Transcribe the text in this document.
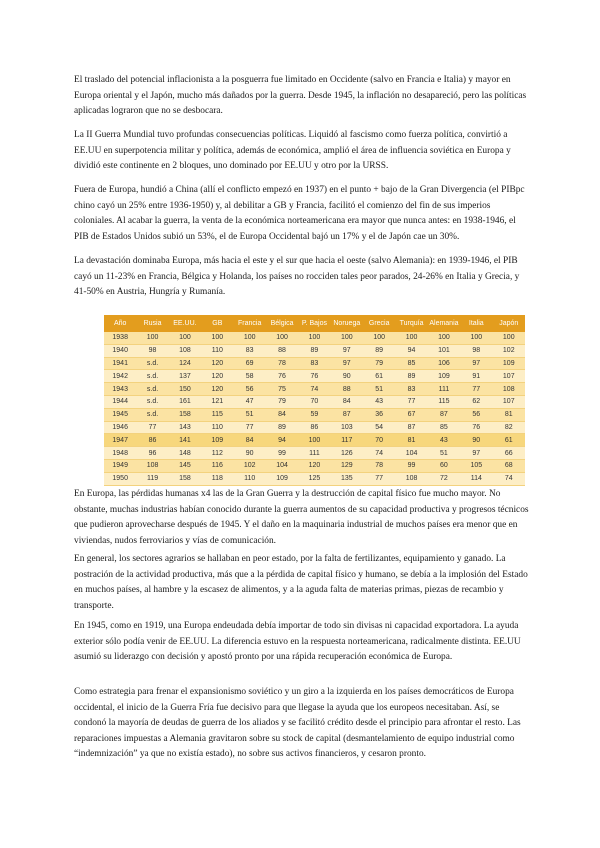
El traslado del potencial inflacionista a la posguerra fue limitado en Occidente (salvo en Francia e Italia) y mayor en Europa oriental y el Japón, mucho más dañados por la guerra. Desde 1945, la inflación no desapareció, pero las políticas aplicadas lograron que no se desbocara.

La II Guerra Mundial tuvo profundas consecuencias políticas. Liquidó al fascismo como fuerza política, convirtió a EE.UU en superpotencia militar y política, además de económica, amplió el área de influencia soviética en Europa y dividió este continente en 2 bloques, uno dominado por EE.UU y otro por la URSS.

Fuera de Europa, hundió a China (allí el conflicto empezó en 1937) en el punto + bajo de la Gran Divergencia (el PIBpc chino cayó un 25% entre 1936-1950) y, al debilitar a GB y Francia, facilitó el comienzo del fin de sus imperios coloniales. Al acabar la guerra, la venta de la económica norteamericana era mayor que nunca antes: en 1938-1946, el PIB de Estados Unidos subió un 53%, el de Europa Occidental bajó un 17% y el de Japón cae un 30%.

La devastación dominaba Europa, más hacia el este y el sur que hacia el oeste (salvo Alemania): en 1939-1946, el PIB cayó un 11-23% en Francia, Bélgica y Holanda, los países no rocciden tales peor parados, 24-26% en Italia y Grecia, y 41-50% en Austria, Hungría y Rumanía.

Año	Rusia	EE.UU.	GB	Francia	Bélgica	P. Bajos	Noruega	Grecia	Turquía	Alemania	Italia	Japón
1938	100	100	100	100	100	100	100	100	100	100	100	100
1940	98	108	110	83	88	89	97	89	94	101	98	102
1941	s.d.	124	120	69	78	83	97	79	85	106	97	109
1942	s.d.	137	120	58	76	76	90	61	89	109	91	107
1943	s.d.	150	120	56	75	74	88	51	83	111	77	108
1944	s.d.	161	121	47	79	70	84	43	77	115	62	107
1945	s.d.	158	115	51	84	59	87	36	67	87	56	81
1946	77	143	110	77	89	86	103	54	87	85	76	82
1947	86	141	109	84	94	100	117	70	81	43	90	61
1948	96	148	112	90	99	111	126	74	104	51	97	66
1949	108	145	116	102	104	120	129	78	99	60	105	68
1950	119	158	118	110	109	125	135	77	108	72	114	74

En Europa, las pérdidas humanas x4 las de la Gran Guerra y la destrucción de capital físico fue mucho mayor. No obstante, muchas industrias habían conocido durante la guerra aumentos de su capacidad productiva y progresos técnicos que pudieron aprovecharse después de 1945. Y el daño en la maquinaria industrial de muchos países era menor que en viviendas, nudos ferroviarios y vías de comunicación.

En general, los sectores agrarios se hallaban en peor estado, por la falta de fertilizantes, equipamiento y ganado. La postración de la actividad productiva, más que a la pérdida de capital físico y humano, se debía a la implosión del Estado en muchos países, al hambre y la escasez de alimentos, y a la aguda falta de materias primas, piezas de recambio y transporte.

En 1945, como en 1919, una Europa endeudada debía importar de todo sin divisas ni capacidad exportadora. La ayuda exterior sólo podía venir de EE.UU. La diferencia estuvo en la respuesta norteamericana, radicalmente distinta. EE.UU asumió su liderazgo con decisión y apostó pronto por una rápida recuperación económica de Europa.

Como estrategia para frenar el expansionismo soviético y un giro a la izquierda en los países democráticos de Europa occidental, el inicio de la Guerra Fría fue decisivo para que llegase la ayuda que los europeos necesitaban. Así, se condonó la mayoría de deudas de guerra de los aliados y se facilitó crédito desde el principio para afrontar el resto. Las reparaciones impuestas a Alemania gravitaron sobre su stock de capital (desmantelamiento de equipo industrial como “indemnización” ya que no existía estado), no sobre sus activos financieros, y cesaron pronto.
